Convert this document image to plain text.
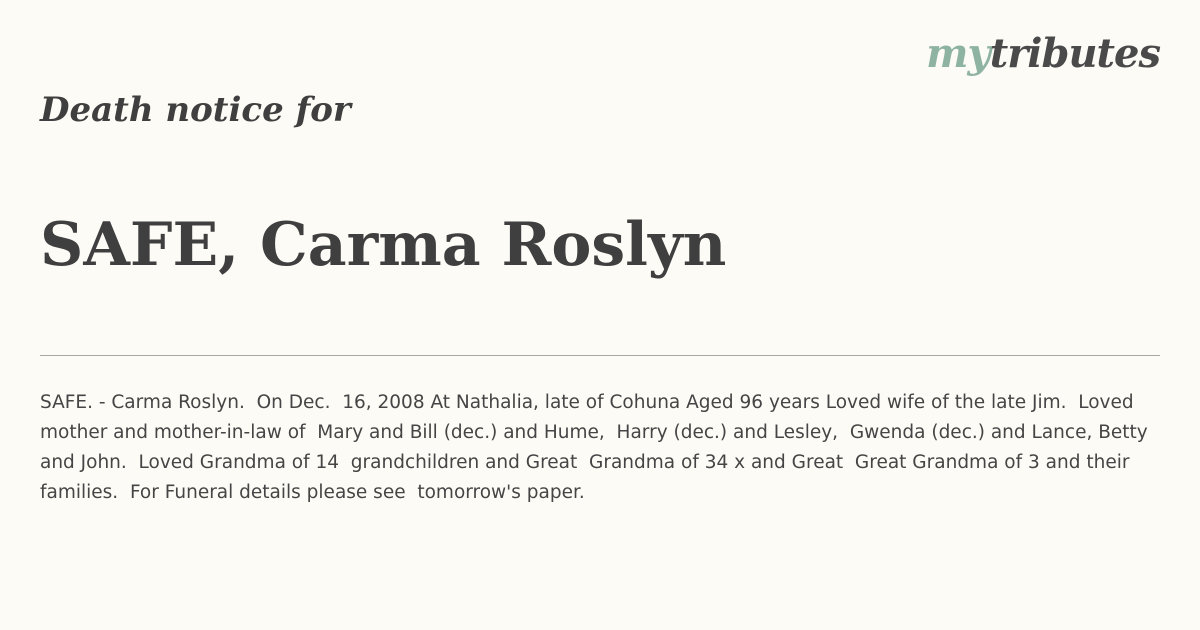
mytributes
Death notice for
SAFE, Carma Roslyn

SAFE. - Carma Roslyn.  On Dec.  16, 2008 At Nathalia, late of Cohuna Aged 96 years Loved wife of the late Jim.  Loved  mother and mother-in-law of  Mary and Bill (dec.) and Hume,  Harry (dec.) and Lesley,  Gwenda (dec.) and Lance, Betty  and John.  Loved Grandma of 14  grandchildren and Great  Grandma of 34 x and Great  Great Grandma of 3 and their  families.  For Funeral details please see  tomorrow's paper.
